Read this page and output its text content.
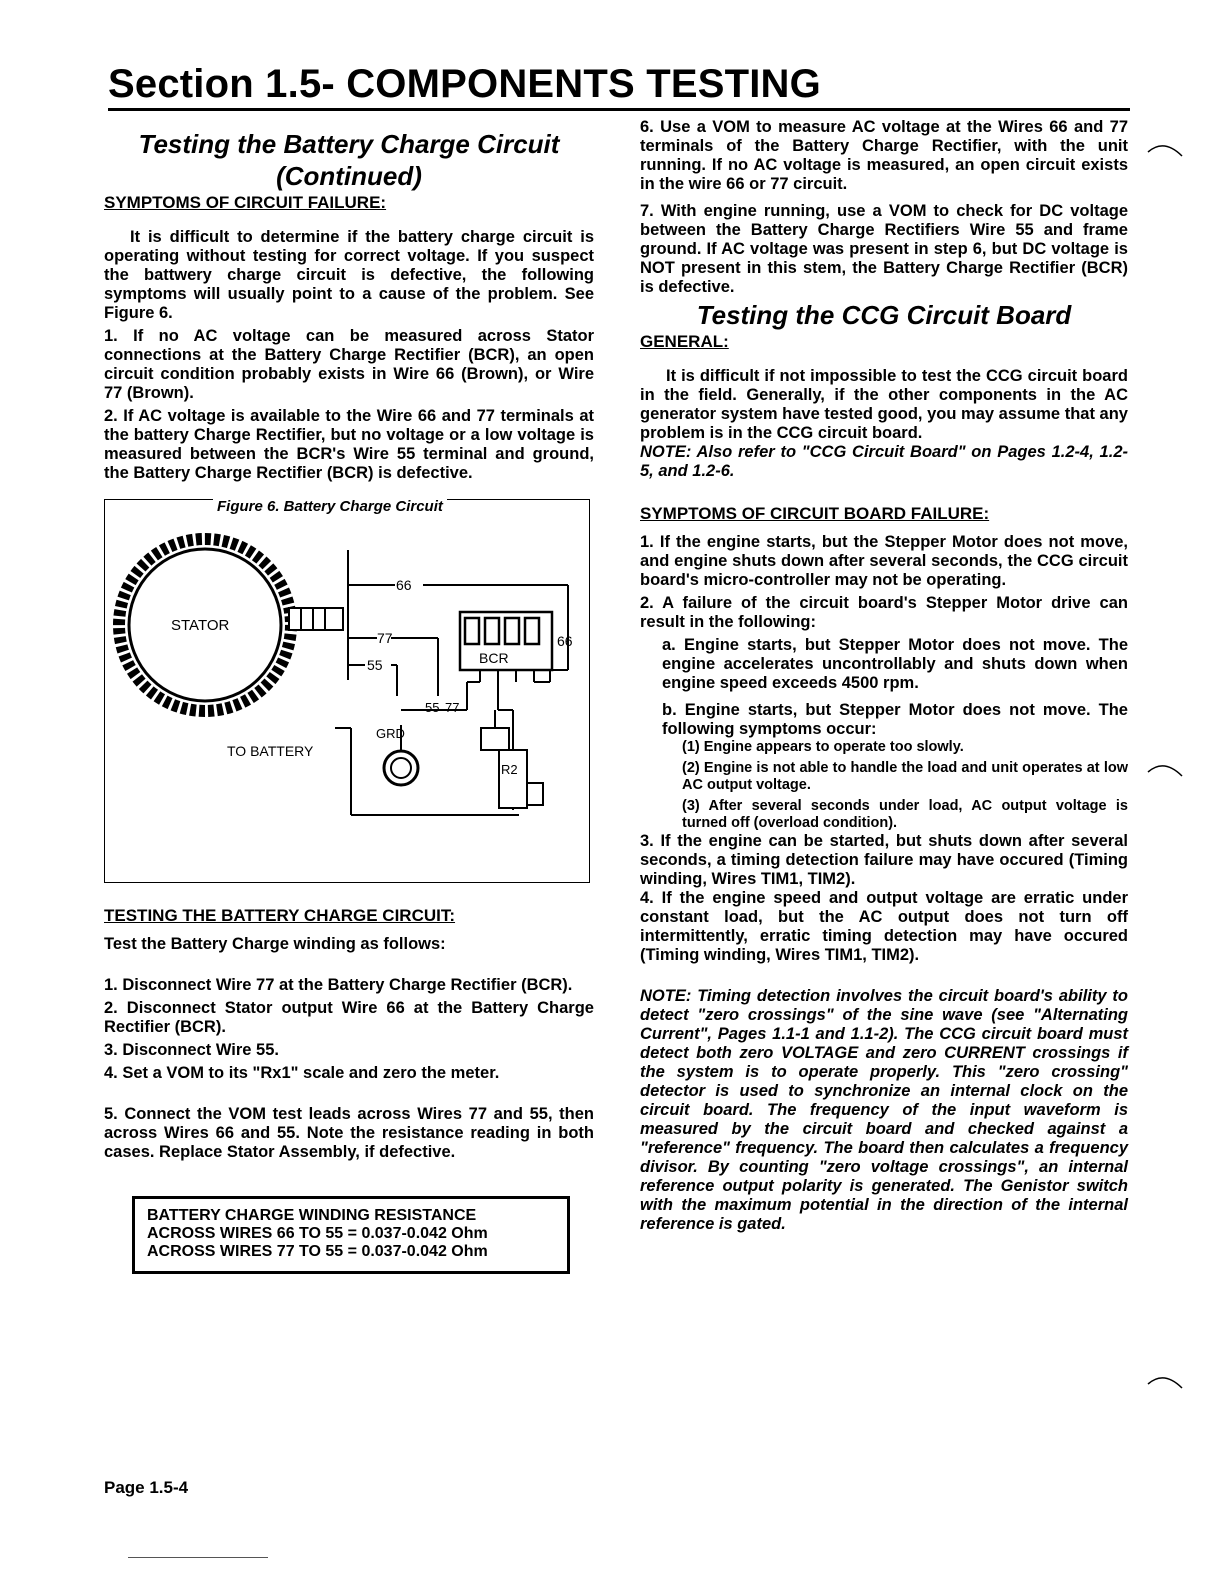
Section 1.5- COMPONENTS TESTING
Testing the Battery Charge Circuit
(Continued)
SYMPTOMS OF CIRCUIT FAILURE:

It is difficult to determine if the battery charge circuit is operating without testing for correct voltage. If you suspect the battwery charge circuit is defective, the following symptoms will usually point to a cause of the problem. See Figure 6.

1. If no AC voltage can be measured across Stator connections at the Battery Charge Rectifier (BCR), an open circuit condition probably exists in Wire 66 (Brown), or Wire 77 (Brown).

2. If AC voltage is available to the Wire 66 and 77 terminals at the battery Charge Rectifier, but no voltage or a low voltage is measured between the BCR's Wire 55 terminal and ground, the Battery Charge Rectifier (BCR) is defective.

STATOR
66
66
77
55	BCR
55 77
GRD
TO BATTERY
R2
Figure 6. Battery Charge Circuit
TESTING THE BATTERY CHARGE CIRCUIT:

Test the Battery Charge winding as follows:

1. Disconnect Wire 77 at the Battery Charge Rectifier (BCR).

2. Disconnect Stator output Wire 66 at the Battery Charge Rectifier (BCR).

3. Disconnect Wire 55.

4. Set a VOM to its "Rx1" scale and zero the meter.

5. Connect the VOM test leads across Wires 77 and 55, then across Wires 66 and 55. Note the resistance reading in both cases. Replace Stator Assembly, if defective.

BATTERY CHARGE WINDING RESISTANCE
ACROSS WIRES 66 TO 55 = 0.037-0.042 Ohm
ACROSS WIRES 77 TO 55 = 0.037-0.042 Ohm

6. Use a VOM to measure AC voltage at the Wires 66 and 77 terminals of the Battery Charge Rectifier, with the unit running. If no AC voltage is measured, an open circuit exists in the wire 66 or 77 circuit.

7. With engine running, use a VOM to check for DC voltage between the Battery Charge Rectifiers Wire 55 and frame ground. If AC voltage was present in step 6, but DC voltage is NOT present in this stem, the Battery Charge Rectifier (BCR) is defective.

Testing the CCG Circuit Board
GENERAL:

It is difficult if not impossible to test the CCG circuit board in the field. Generally, if the other components in the AC generator system have tested good, you may assume that any problem is in the CCG circuit board.

NOTE: Also refer to "CCG Circuit Board" on Pages 1.2-4, 1.2-5, and 1.2-6.

SYMPTOMS OF CIRCUIT BOARD FAILURE:

1. If the engine starts, but the Stepper Motor does not move, and engine shuts down after several seconds, the CCG circuit board's micro-controller may not be operating.

2. A failure of the circuit board's Stepper Motor drive can result in the following:

a. Engine starts, but Stepper Motor does not move. The engine accelerates uncontrollably and shuts down when engine speed exceeds 4500 rpm.

b. Engine starts, but Stepper Motor does not move. The following symptoms occur:

(1) Engine appears to operate too slowly.

(2) Engine is not able to handle the load and unit operates at low AC output voltage.

(3) After several seconds under load, AC output voltage is turned off (overload condition).

3. If the engine can be started, but shuts down after several seconds, a timing detection failure may have occured (Timing winding, Wires TIM1, TIM2).

4. If the engine speed and output voltage are erratic under constant load, but the AC output does not turn off intermittently, erratic timing detection may have occured (Timing winding, Wires TIM1, TIM2).

NOTE: Timing detection involves the circuit board's ability to detect "zero crossings" of the sine wave (see "Alternating Current", Pages 1.1-1 and 1.1-2). The CCG circuit board must detect both zero VOLTAGE and zero CURRENT crossings if the system is to operate properly. This "zero crossing" detector is used to synchronize an internal clock on the circuit board. The frequency of the input waveform is measured by the circuit board and checked against a "reference" frequency. The board then calculates a frequency divisor. By counting "zero voltage crossings", an internal reference output polarity is generated. The Genistor switch with the maximum potential in the direction of the internal reference is gated.

Page 1.5-4
